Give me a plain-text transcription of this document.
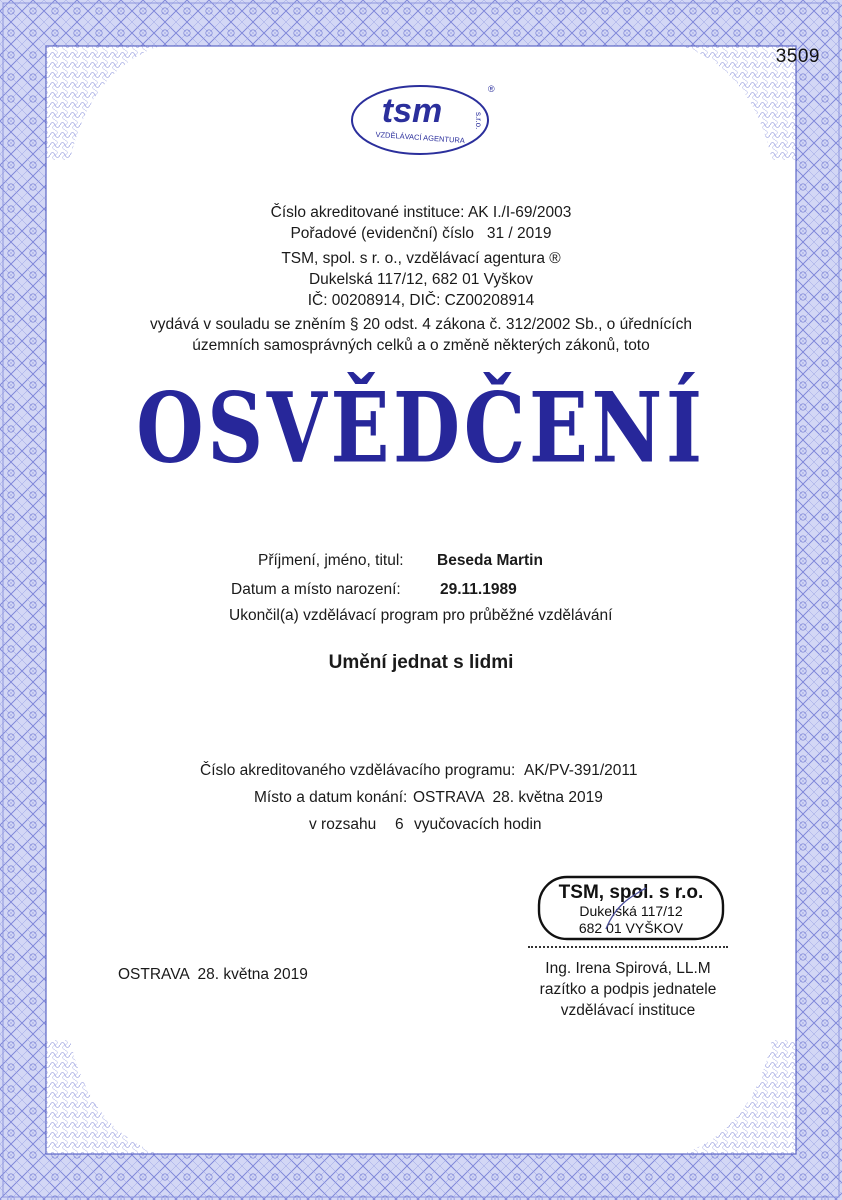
3509
tsm	s.r.o.
®
VZDĚLÁVACÍ AGENTURA
Číslo akreditované instituce: AK I./I-69/2003
Pořadové (evidenční) číslo   31 / 2019
TSM, spol. s r. o., vzdělávací agentura ®
Dukelská 117/12, 682 01 Vyškov
IČ: 00208914, DIČ: CZ00208914
vydává v souladu se zněním § 20 odst. 4 zákona č. 312/2002 Sb., o úřednících
územních samosprávných celků a o změně některých zákonů, toto
OSVĚDČENÍ
Příjmení, jméno, titul: Beseda Martin
Datum a místo narození:	29.11.1989
Ukončil(a) vzdělávací program pro průběžné vzdělávání
Umění jednat s lidmi
Číslo akreditovaného vzdělávacího programu: AK/PV-391/2011
Místo a datum konání: OSTRAVA  28. května 2019
v rozsahu 6 vyučovacích hodin
OSTRAVA  28. května 2019
TSM, spol. s r.o.
Dukelská 117/12
682 01 VYŠKOV
Ing. Irena Spirová, LL.M
razítko a podpis jednatele
vzdělávací instituce
